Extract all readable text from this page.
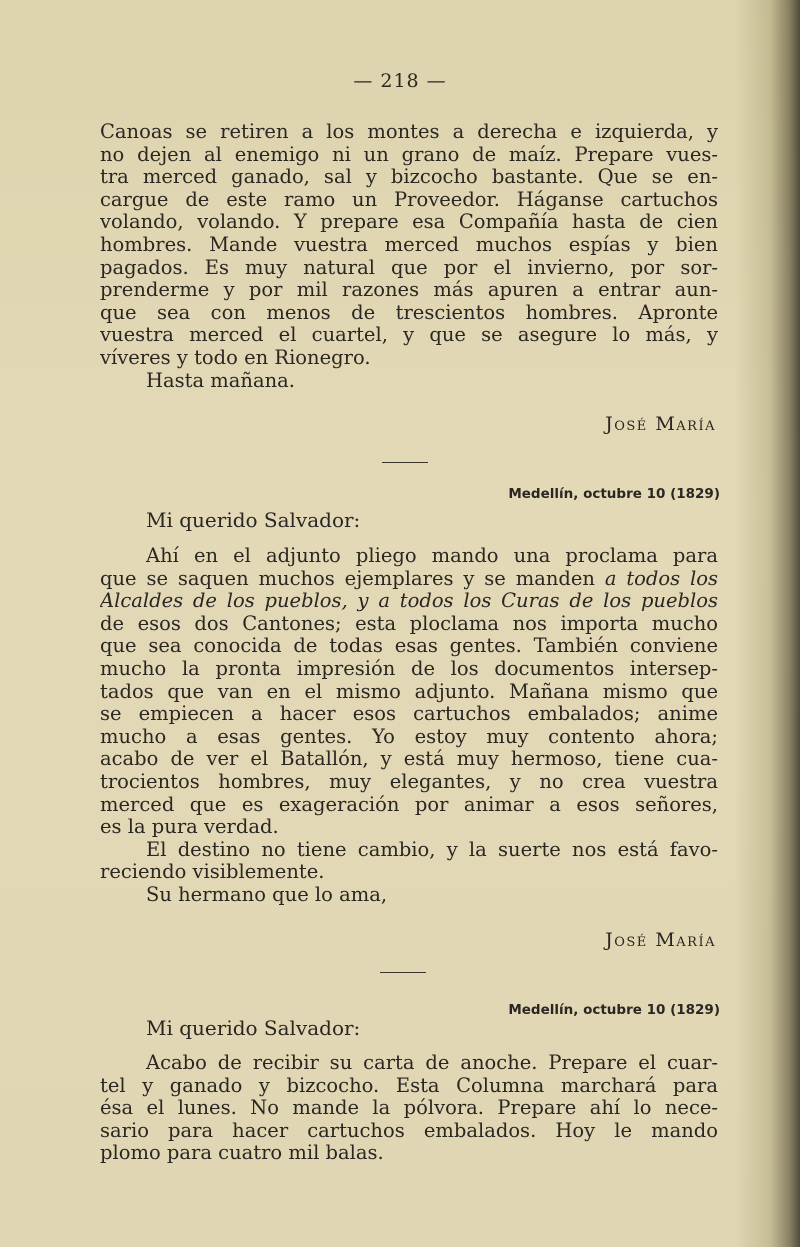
— 218 —
Canoas se retiren a los montes a derecha e izquierda, y
no dejen al enemigo ni un grano de maíz. Prepare vues-
tra merced ganado, sal y bizcocho bastante. Que se en-
cargue de este ramo un Proveedor. Háganse cartuchos
volando, volando. Y prepare esa Compañía hasta de cien
hombres. Mande vuestra merced muchos espías y bien
pagados. Es muy natural que por el invierno, por sor-
prenderme y por mil razones más apuren a entrar aun-
que sea con menos de trescientos hombres. Apronte
vuestra merced el cuartel, y que se asegure lo más, y
víveres y todo en Rionegro.
Hasta mañana.
José María
Medellín, octubre 10 (1829)
Mi querido Salvador:
Ahí en el adjunto pliego mando una proclama para
que se saquen muchos ejemplares y se manden a todos los
Alcaldes de los pueblos, y a todos los Curas de los pueblos
de esos dos Cantones; esta ploclama nos importa mucho
que sea conocida de todas esas gentes. También conviene
mucho la pronta impresión de los documentos intersep-
tados que van en el mismo adjunto. Mañana mismo que
se empiecen a hacer esos cartuchos embalados; anime
mucho a esas gentes. Yo estoy muy contento ahora;
acabo de ver el Batallón, y está muy hermoso, tiene cua-
trocientos hombres, muy elegantes, y no crea vuestra
merced que es exageración por animar a esos señores,
es la pura verdad.
El destino no tiene cambio, y la suerte nos está favo-
reciendo visiblemente.
Su hermano que lo ama,
José María
Medellín, octubre 10 (1829)
Mi querido Salvador:
Acabo de recibir su carta de anoche. Prepare el cuar-
tel y ganado y bizcocho. Esta Columna marchará para
ésa el lunes. No mande la pólvora. Prepare ahí lo nece-
sario para hacer cartuchos embalados. Hoy le mando
plomo para cuatro mil balas.
